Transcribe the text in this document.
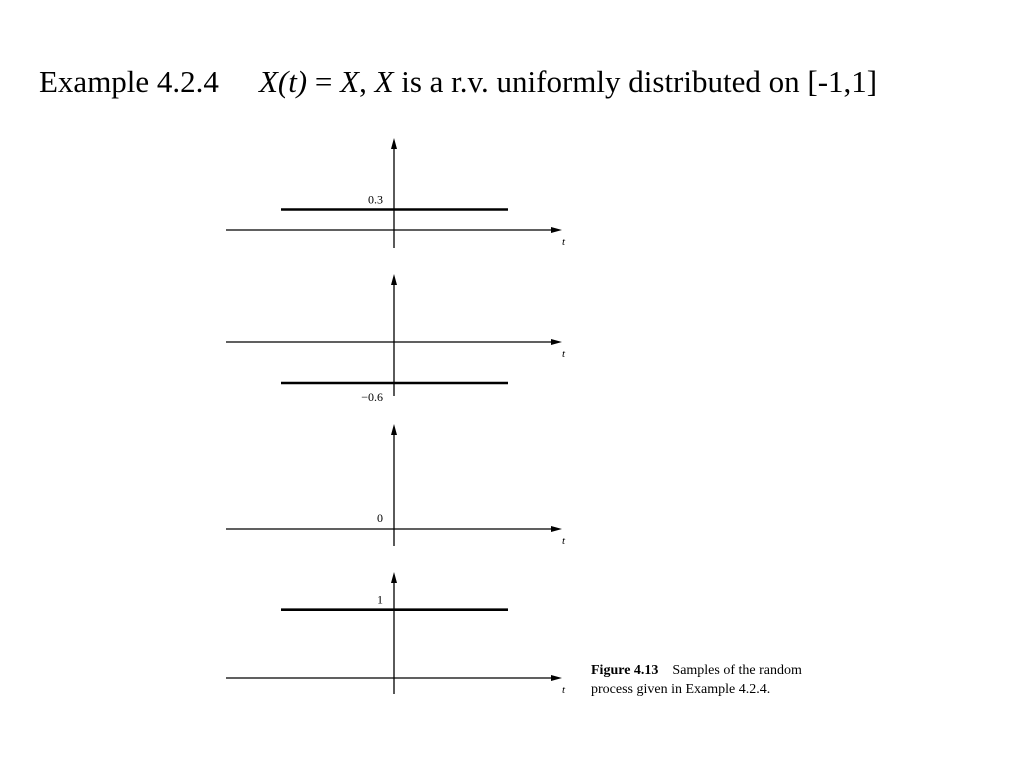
Example 4.2.4 X(t) = X, X is a r.v. uniformly distributed on [-1,1]
t
0.3
t
−0.6
t
0
t
1
Figure 4.13 Samples of the random
process given in Example 4.2.4.
